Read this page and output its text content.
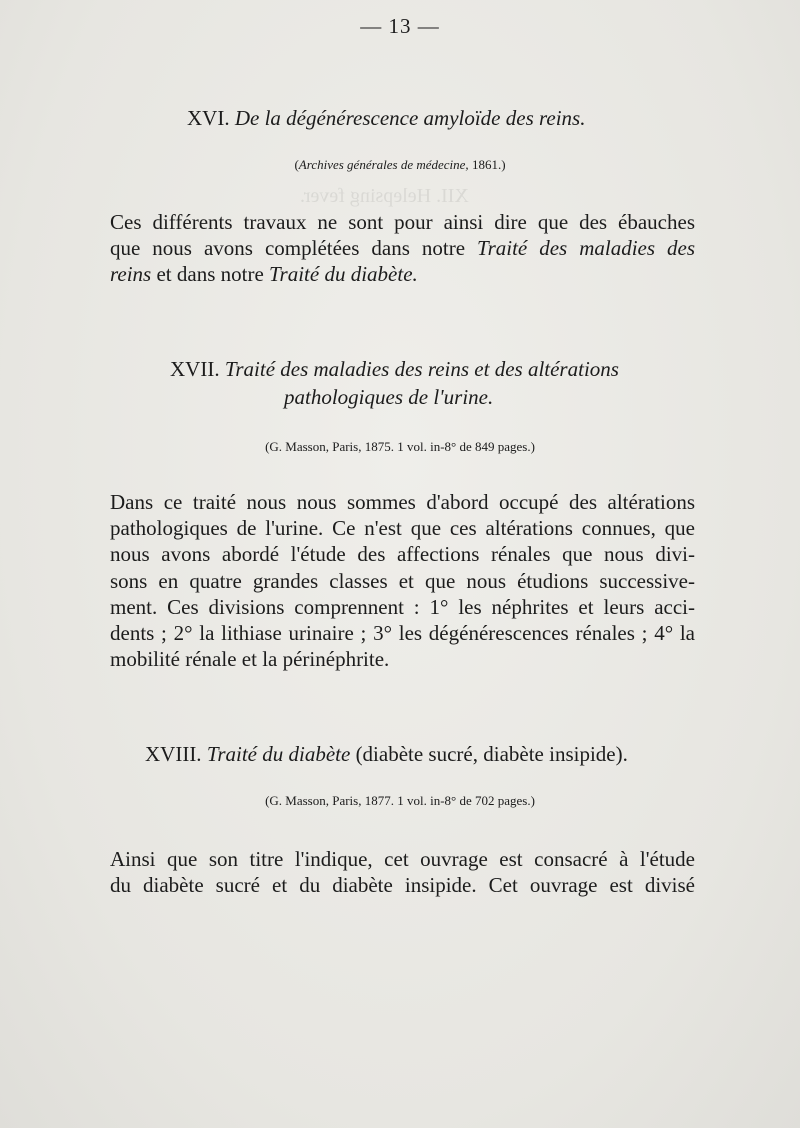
XII. Helepsing fever.
— 13 —
XVI. De la dégénérescence amyloïde des reins.
(Archives générales de médecine, 1861.)
Ces différents travaux ne sont pour ainsi dire que des ébauches
que nous avons complétées dans notre Traité des maladies des
reins et dans notre Traité du diabète.
XVII. Traité des maladies des reins et des altérations
pathologiques de l'urine.
(G. Masson, Paris, 1875. 1 vol. in-8° de 849 pages.)
Dans ce traité nous nous sommes d'abord occupé des altérations
pathologiques de l'urine. Ce n'est que ces altérations connues, que
nous avons abordé l'étude des affections rénales que nous divi-
sons en quatre grandes classes et que nous étudions successive-
ment. Ces divisions comprennent : 1° les néphrites et leurs acci-
dents ; 2° la lithiase urinaire ; 3° les dégénérescences rénales ; 4° la
mobilité rénale et la périnéphrite.
XVIII. Traité du diabète (diabète sucré, diabète insipide).
(G. Masson, Paris, 1877. 1 vol. in-8° de 702 pages.)
Ainsi que son titre l'indique, cet ouvrage est consacré à l'étude
du diabète sucré et du diabète insipide. Cet ouvrage est divisé
